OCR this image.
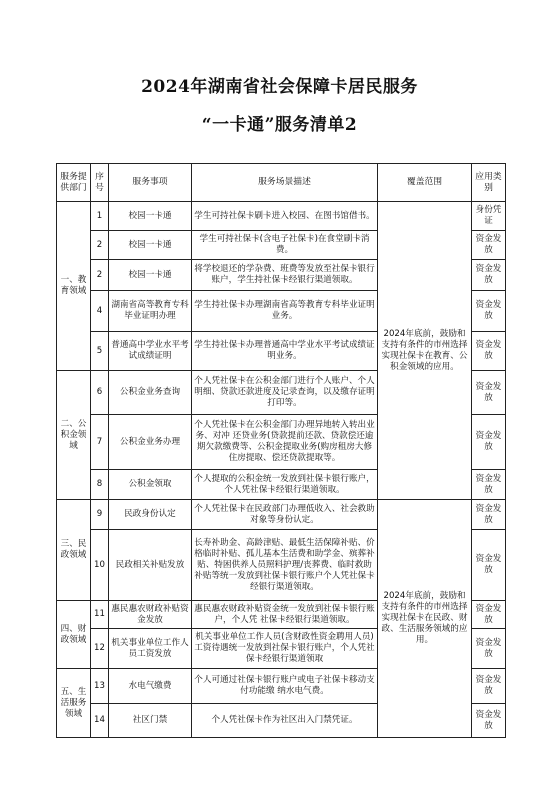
2024年湖南省社会保障卡居民服务
“一卡通”服务清单2
服务提供部门	序号	服务事项	服务场景描述	覆盖范围	应用类别
一、教育领域	1	校园一卡通	学生可持社保卡刷卡进入校园、在图书馆借书。	2024年底前，鼓励和支持有条件的市州选择实现社保卡在教育、公积金领域的应用。	身份凭证
	2	校园一卡通	学生可持社保卡(含电子社保卡)在食堂刷卡消费。		资金发放
	2	校园一卡通	将学校退还的学杂费、班费等发放至社保卡银行账户，学生持社保卡经银行渠道领取。		资金发放
	4	湖南省高等教育专科毕业证明办理	学生持社保卡办理湖南省高等教育专科毕业证明业务。		资金发放
	5	普通高中学业水平考试成绩证明	学生持社保卡办理普通高中学业水平考试成绩证明业务。		资金发放
二、公积金领域	6	公积金业务查询	个人凭社保卡在公积金部门进行个人账户、个人明细、贷款还款进度及记录查询，以及缴存证明打印等。		资金发放
	7	公积金业务办理	个人凭社保卡在公积金部门办理异地转入转出业务、对冲 还贷业务(贷款提前还款、贷款偿还逾期欠款缴费等、公积金提取业务(购房租房大修住房提取、偿还贷款提取等。		资金发放
	8	公积金领取	个人提取的公积金统一发放到社保卡银行账户，个人凭社保卡经银行渠道领取。		资金发放
三、民政领域	9	民政身份认定	个人凭社保卡在民政部门办理低收入、社会救助对象等身份认定。	2024年底前，鼓励和支持有条件的市州选择实现社保卡在民政、财政、生活服务领域的应用。	资金发放
	10	民政相关补贴发放	长寿补助金、高龄津贴、最低生活保障补贴、价格临时补贴、孤儿基本生活费和助学金、殡葬补贴、特困供养人员照料护理/丧葬费、临时救助补贴等统一发放到社保卡银行账户个人凭社保卡经银行渠道领取。		资金发放
四、财政领域	11	惠民惠农财政补贴资金发放	惠民惠农财政补贴资金统一发放到社保卡银行账户，个人凭 社保卡经银行渠道领取。		资金发放
	12	机关事业单位工作人员工资发放	机关事业单位工作人员(含财政性资金聘用人员) 工资待遇统一发放到社保卡银行账户，个人凭社保卡经银行渠道领取		资金发放
五、生活服务领域	13	水电气缴费	个人可通过社保卡银行账户或电子社保卡移动支付功能缴 纳水电气费。		资金发放
	14	社区门禁	个人凭社保卡作为社区出入门禁凭证。		资金发放
